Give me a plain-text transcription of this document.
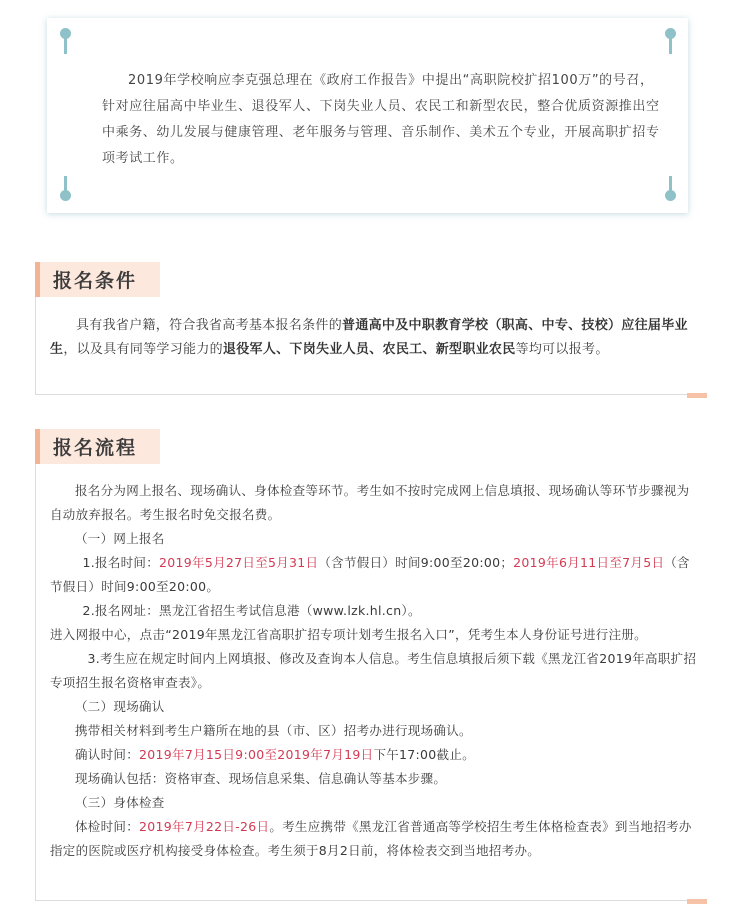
2019年学校响应李克强总理在《政府工作报告》中提出“高职院校扩招100万”的号召，针对应往届高中毕业生、退役军人、下岗失业人员、农民工和新型农民，整合优质资源推出空中乘务、幼儿发展与健康管理、老年服务与管理、音乐制作、美术五个专业，开展高职扩招专项考试工作。
报名条件
具有我省户籍，符合我省高考基本报名条件的普通高中及中职教育学校（职高、中专、技校）应往届毕业生，以及具有同等学习能力的退役军人、下岗失业人员、农民工、新型职业农民等均可以报考。
报名流程

报名分为网上报名、现场确认、身体检查等环节。考生如不按时完成网上信息填报、现场确认等环节步骤视为自动放弃报名。考生报名时免交报名费。

（一）网上报名

1.报名时间：2019年5月27日至5月31日（含节假日）时间9:00至20:00；2019年6月11日至7月5日（含节假日）时间9:00至20:00。

2.报名网址：黑龙江省招生考试信息港（www.lzk.hl.cn）。

进入网报中心，点击“2019年黑龙江省高职扩招专项计划考生报名入口”，凭考生本人身份证号进行注册。

3.考生应在规定时间内上网填报、修改及查询本人信息。考生信息填报后须下载《黑龙江省2019年高职扩招专项招生报名资格审查表》。

（二）现场确认

携带相关材料到考生户籍所在地的县（市、区）招考办进行现场确认。

确认时间：2019年7月15日9:00至2019年7月19日下午17:00截止。

现场确认包括：资格审查、现场信息采集、信息确认等基本步骤。

（三）身体检查

体检时间：2019年7月22日-26日。考生应携带《黑龙江省普通高等学校招生考生体格检查表》到当地招考办指定的医院或医疗机构接受身体检查。考生须于8月2日前，将体检表交到当地招考办。
